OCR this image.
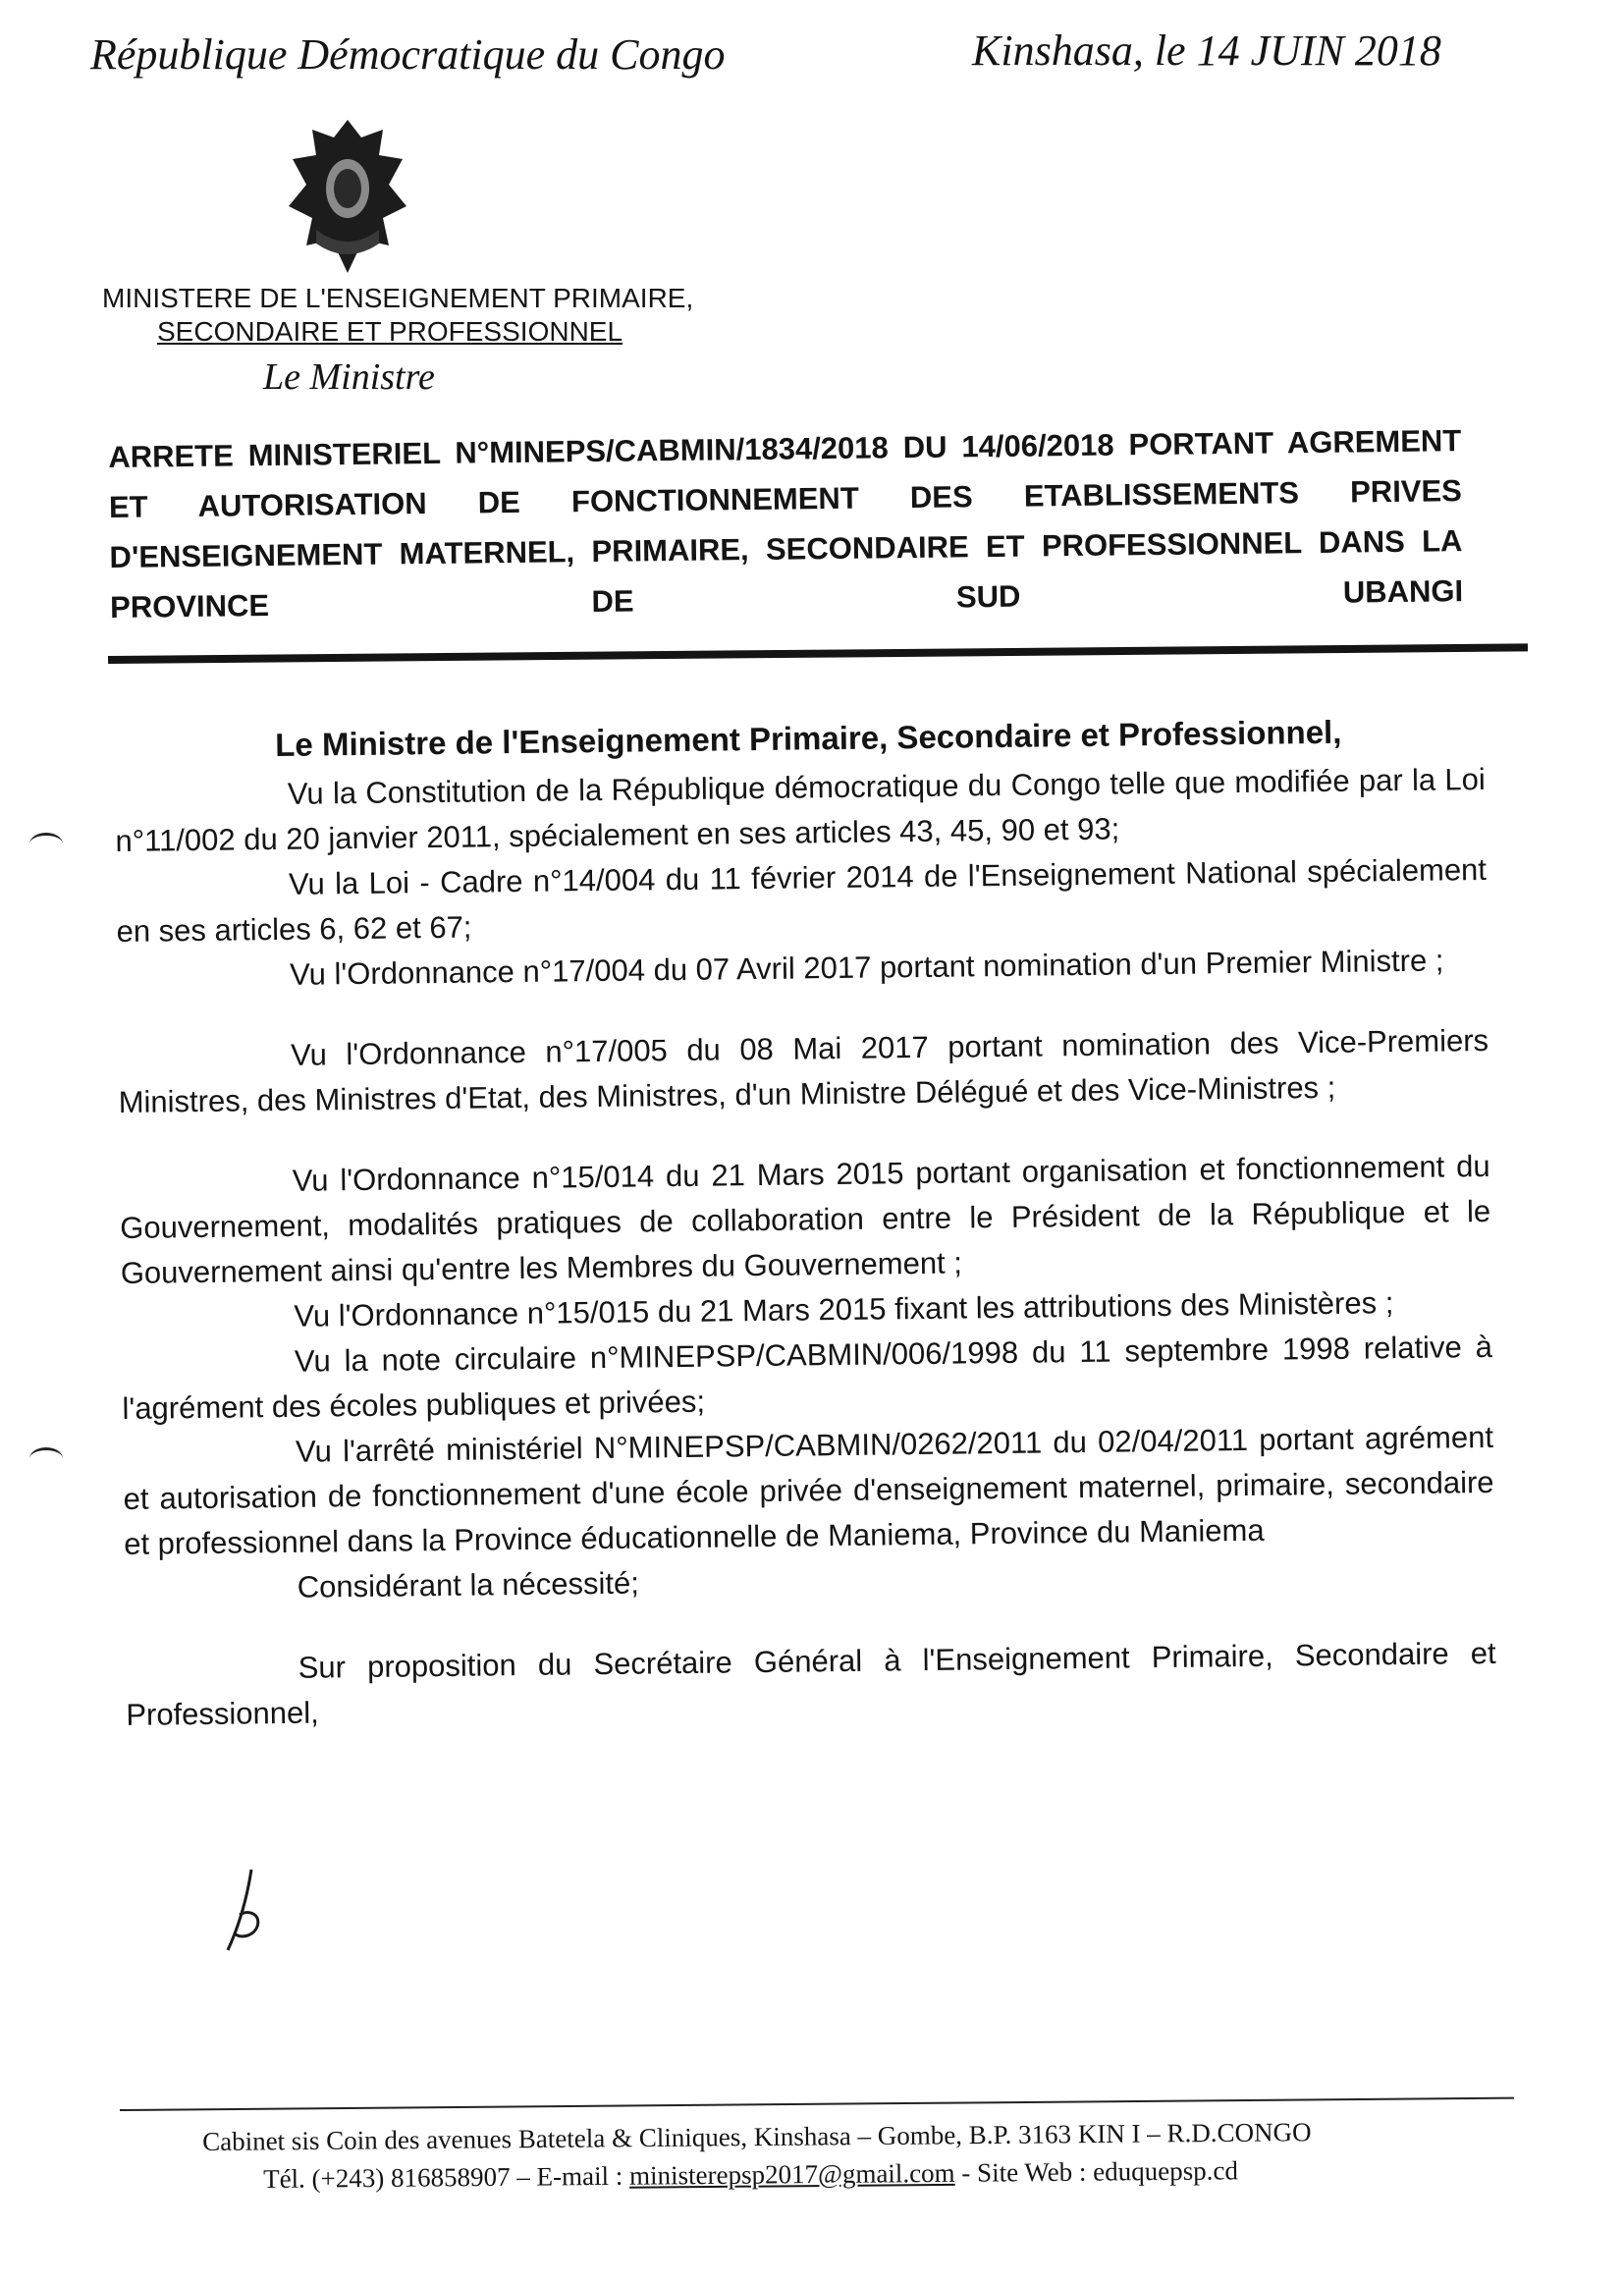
République Démocratique du Congo	Kinshasa, le 14 JUIN 2018
MINISTERE DE L'ENSEIGNEMENT PRIMAIRE,
SECONDAIRE ET PROFESSIONNEL
Le Ministre
ARRETE MINISTERIEL N°MINEPS/CABMIN/1834/2018 DU 14/06/2018 PORTANT AGREMENT ET AUTORISATION DE FONCTIONNEMENT DES ETABLISSEMENTS PRIVES D'ENSEIGNEMENT MATERNEL, PRIMAIRE, SECONDAIRE ET PROFESSIONNEL DANS LA PROVINCE DE SUD UBANGI
Le Ministre de l'Enseignement Primaire, Secondaire et Professionnel,

Vu la Constitution de la République démocratique du Congo telle que modifiée par la Loi n°11/002 du 20 janvier 2011, spécialement en ses articles 43, 45, 90 et 93;

Vu la Loi - Cadre n°14/004 du 11 février 2014 de l'Enseignement National spécialement en ses articles 6, 62 et 67;

Vu l'Ordonnance n°17/004 du 07 Avril 2017 portant nomination d'un Premier Ministre ;

Vu l'Ordonnance n°17/005 du 08 Mai 2017 portant nomination des Vice-Premiers Ministres, des Ministres d'Etat, des Ministres, d'un Ministre Délégué et des Vice-Ministres ;

Vu l'Ordonnance n°15/014 du 21 Mars 2015 portant organisation et fonctionnement du Gouvernement, modalités pratiques de collaboration entre le Président de la République et le Gouvernement ainsi qu'entre les Membres du Gouvernement ;

Vu l'Ordonnance n°15/015 du 21 Mars 2015 fixant les attributions des Ministères ;

Vu la note circulaire n°MINEPSP/CABMIN/006/1998 du 11 septembre 1998 relative à l'agrément des écoles publiques et privées;

Vu l'arrêté ministériel N°MINEPSP/CABMIN/0262/2011 du 02/04/2011 portant agrément et autorisation de fonctionnement d'une école privée d'enseignement maternel, primaire, secondaire et professionnel dans la Province éducationnelle de Maniema, Province du Maniema

Considérant la nécessité;

Sur proposition du Secrétaire Général à l'Enseignement Primaire, Secondaire et Professionnel,

Cabinet sis Coin des avenues Batetela & Cliniques, Kinshasa – Gombe, B.P. 3163 KIN I – R.D.CONGO
Tél. (+243) 816858907 – E-mail : ministerepsp2017@gmail.com - Site Web : eduquepsp.cd
